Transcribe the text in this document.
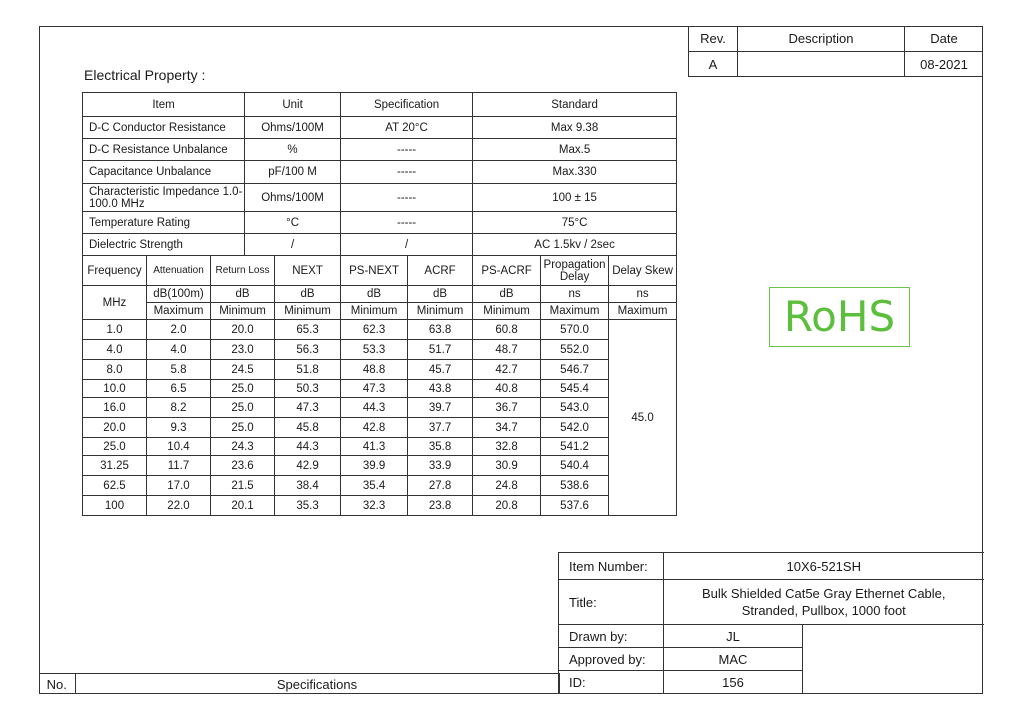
Rev.	Description	Date
A		08-2021
Electrical Property :
Item			Unit		Specification		Standard		
D-C Conductor Resistance			Ohms/100M		AT 20°C		Max 9.38		
D-C Resistance Unbalance			%		-----		Max.5		
Capacitance Unbalance			pF/100 M		-----		Max.330		
Characteristic Impedance 1.0-100.0 MHz			Ohms/100M		-----		100 ± 15		
Temperature Rating			°C		-----		75°C		
Dielectric Strength			/		/		AC 1.5kv / 2sec		
Frequency	Attenuation	Return Loss		NEXT	PS-NEXT	ACRF	PS-ACRF	Propagation Delay	Delay Skew
MHz	dB(100m)	dB		dB	dB	dB	dB	ns	ns
	Maximum	Minimum		Minimum	Minimum	Minimum	Minimum	Maximum	Maximum
1.0	2.0	20.0		65.3	62.3	63.8	60.8	570.0	45.0
4.0	4.0	23.0		56.3	53.3	51.7	48.7	552.0	
8.0	5.8	24.5		51.8	48.8	45.7	42.7	546.7	
10.0	6.5	25.0		50.3	47.3	43.8	40.8	545.4	
16.0	8.2	25.0		47.3	44.3	39.7	36.7	543.0	
20.0	9.3	25.0		45.8	42.8	37.7	34.7	542.0	
25.0	10.4	24.3		44.3	41.3	35.8	32.8	541.2	
31.25	11.7	23.6		42.9	39.9	33.9	30.9	540.4	
62.5	17.0	21.5		38.4	35.4	27.8	24.8	538.6	
100	22.0	20.1		35.3	32.3	23.8	20.8	537.6	
RoHS
Item Number:	10X6-521SH	
Title:	Bulk Shielded Cat5e Gray Ethernet Cable,
Stranded, Pullbox, 1000 foot	

Drawn by:	JL	
Approved by:	MAC	
ID:	156	
No.	Specifications
